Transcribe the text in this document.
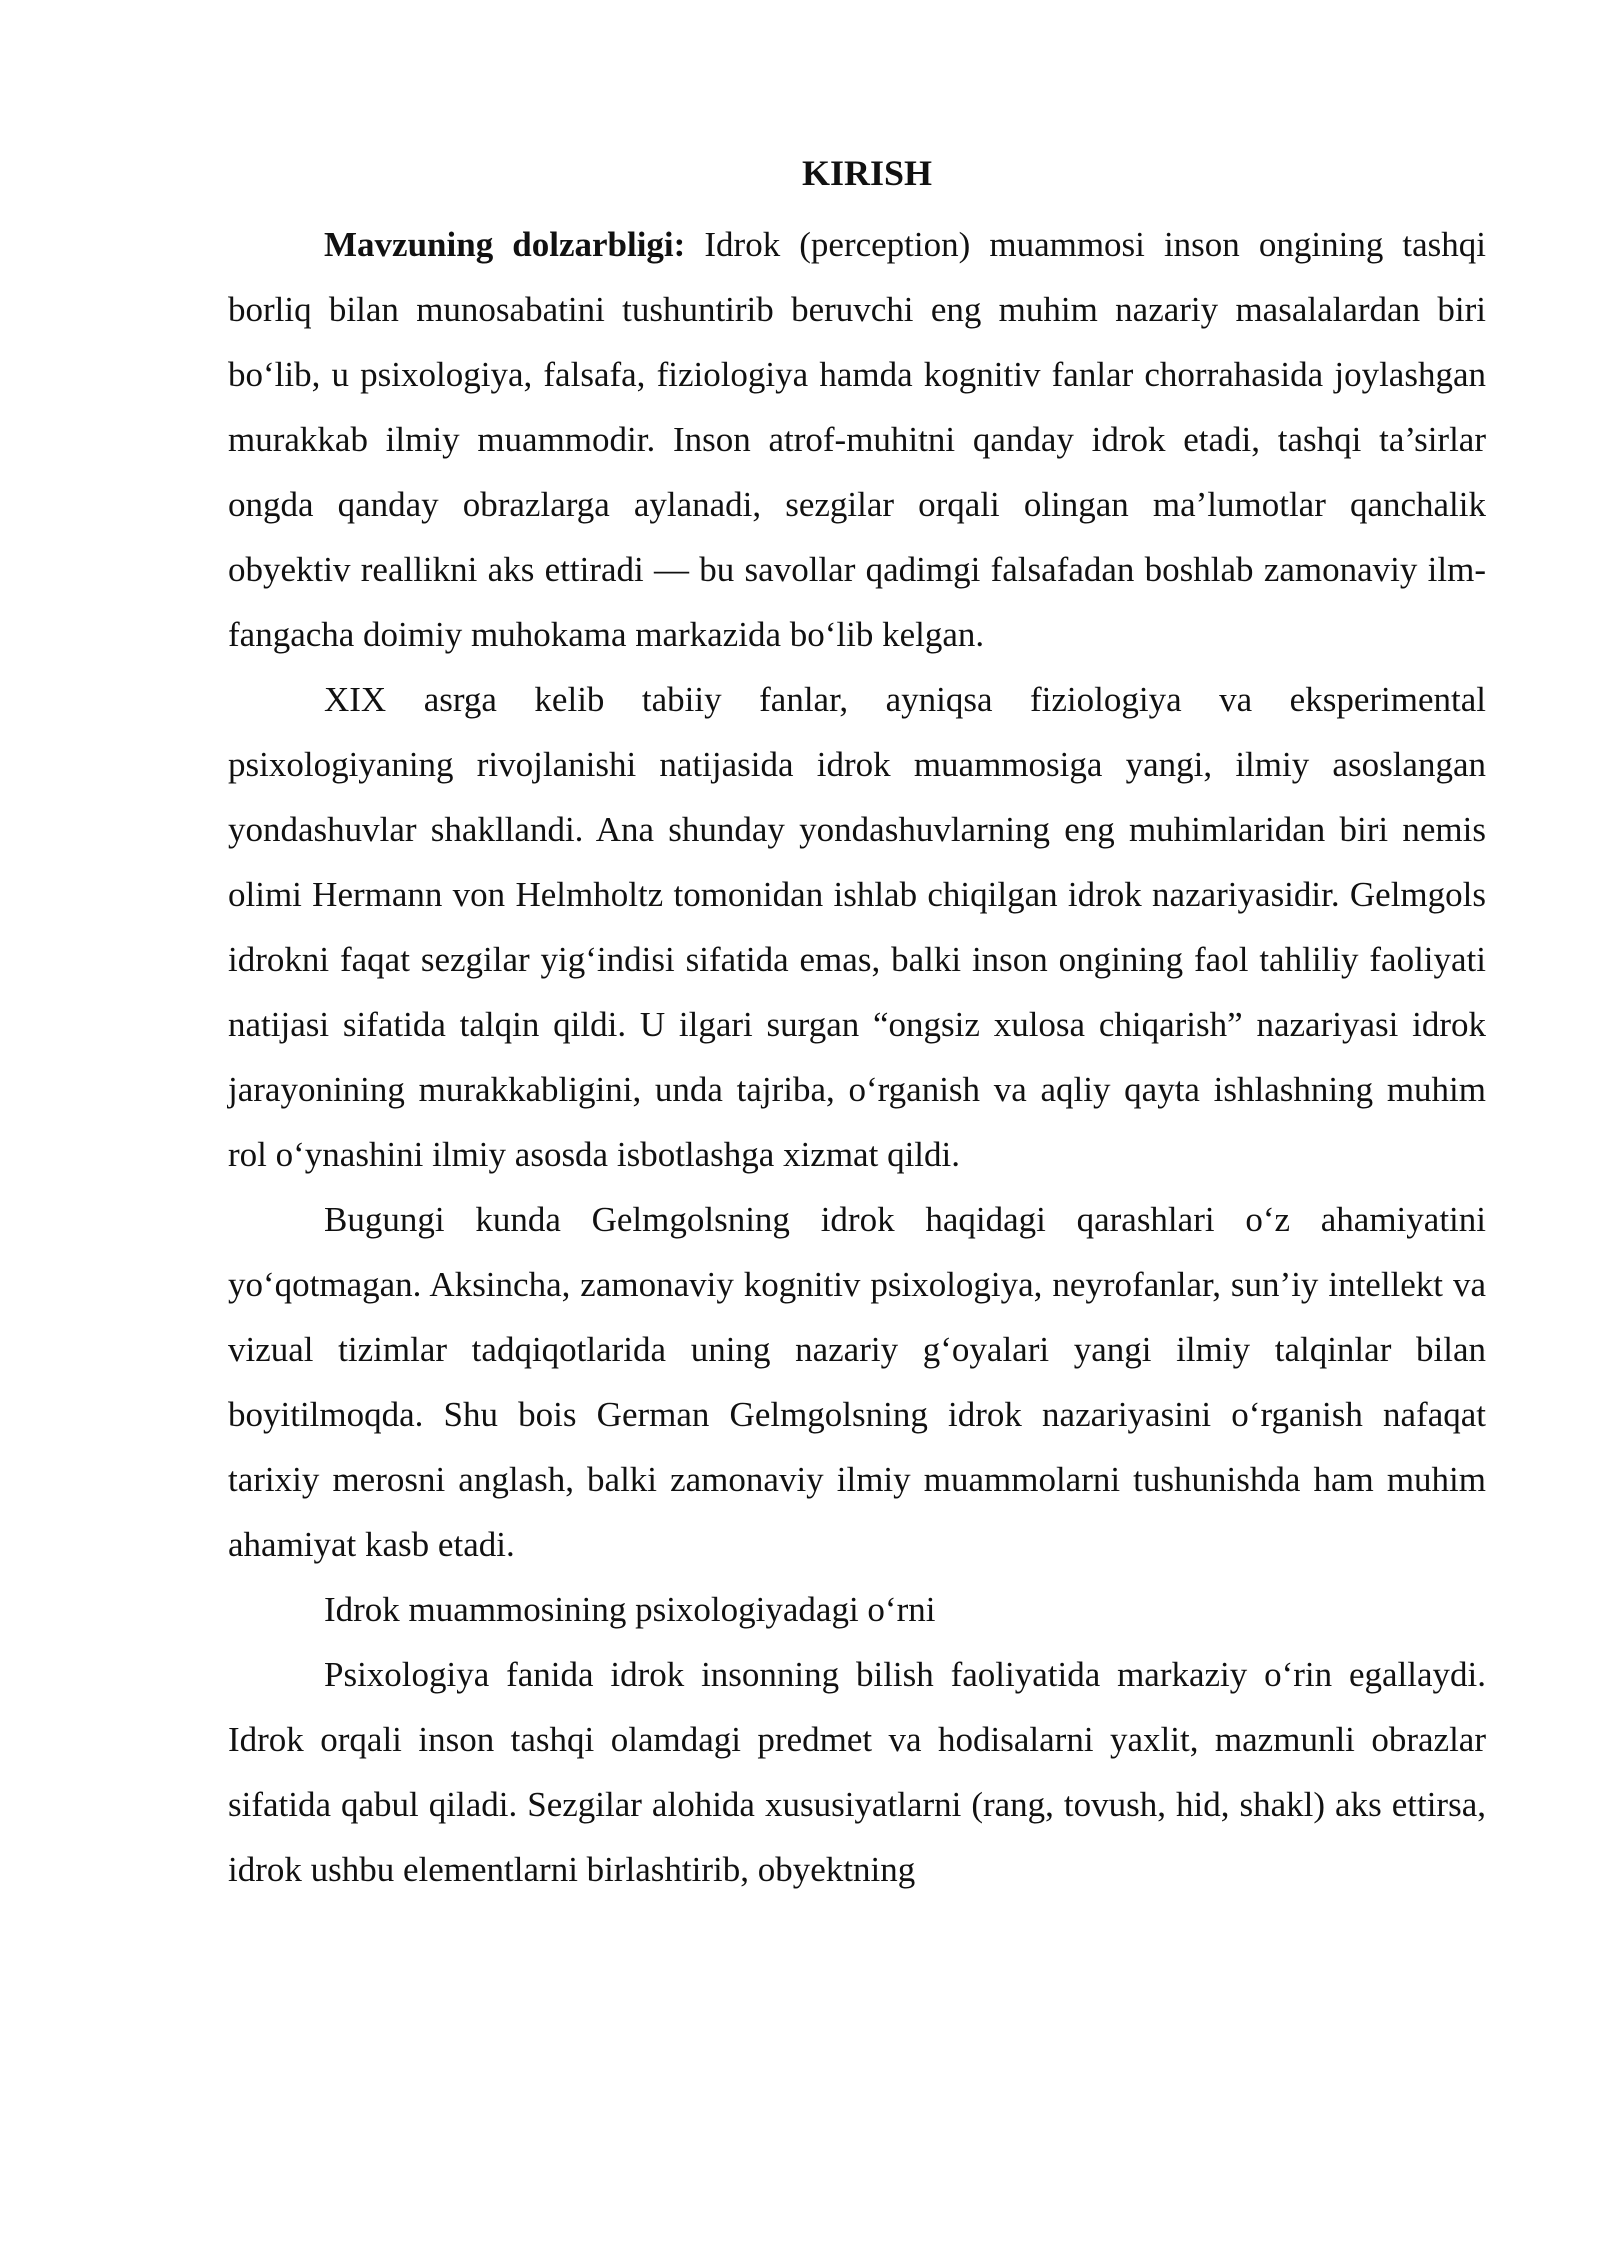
KIRISH

Mavzuning dolzarbligi: Idrok (perception) muammosi inson ongining tashqi borliq bilan munosabatini tushuntirib beruvchi eng muhim nazariy masalalardan biri bo‘lib, u psixologiya, falsafa, fiziologiya hamda kognitiv fanlar chorrahasida joylashgan murakkab ilmiy muammodir. Inson atrof-muhitni qanday idrok etadi, tashqi ta’sirlar ongda qanday obrazlarga aylanadi, sezgilar orqali olingan ma’lumotlar qanchalik obyektiv reallikni aks ettiradi — bu savollar qadimgi falsafadan boshlab zamonaviy ilm-fangacha doimiy muhokama markazida bo‘lib kelgan.

XIX asrga kelib tabiiy fanlar, ayniqsa fiziologiya va eksperimental psixologiyaning rivojlanishi natijasida idrok muammosiga yangi, ilmiy asoslangan yondashuvlar shakllandi. Ana shunday yondashuvlarning eng muhimlaridan biri nemis olimi Hermann von Helmholtz tomonidan ishlab chiqilgan idrok nazariyasidir. Gelmgols idrokni faqat sezgilar yig‘indisi sifatida emas, balki inson ongining faol tahliliy faoliyati natijasi sifatida talqin qildi. U ilgari surgan “ongsiz xulosa chiqarish” nazariyasi idrok jarayonining murakkabligini, unda tajriba, o‘rganish va aqliy qayta ishlashning muhim rol o‘ynashini ilmiy asosda isbotlashga xizmat qildi.

Bugungi kunda Gelmgolsning idrok haqidagi qarashlari o‘z ahamiyatini yo‘qotmagan. Aksincha, zamonaviy kognitiv psixologiya, neyrofanlar, sun’iy intellekt va vizual tizimlar tadqiqotlarida uning nazariy g‘oyalari yangi ilmiy talqinlar bilan boyitilmoqda. Shu bois German Gelmgolsning idrok nazariyasini o‘rganish nafaqat tarixiy merosni anglash, balki zamonaviy ilmiy muammolarni tushunishda ham muhim ahamiyat kasb etadi.

Idrok muammosining psixologiyadagi o‘rni

Psixologiya fanida idrok insonning bilish faoliyatida markaziy o‘rin egallaydi. Idrok orqali inson tashqi olamdagi predmet va hodisalarni yaxlit, mazmunli obrazlar sifatida qabul qiladi. Sezgilar alohida xususiyatlarni (rang, tovush, hid, shakl) aks ettirsa, idrok ushbu elementlarni birlashtirib, obyektning
